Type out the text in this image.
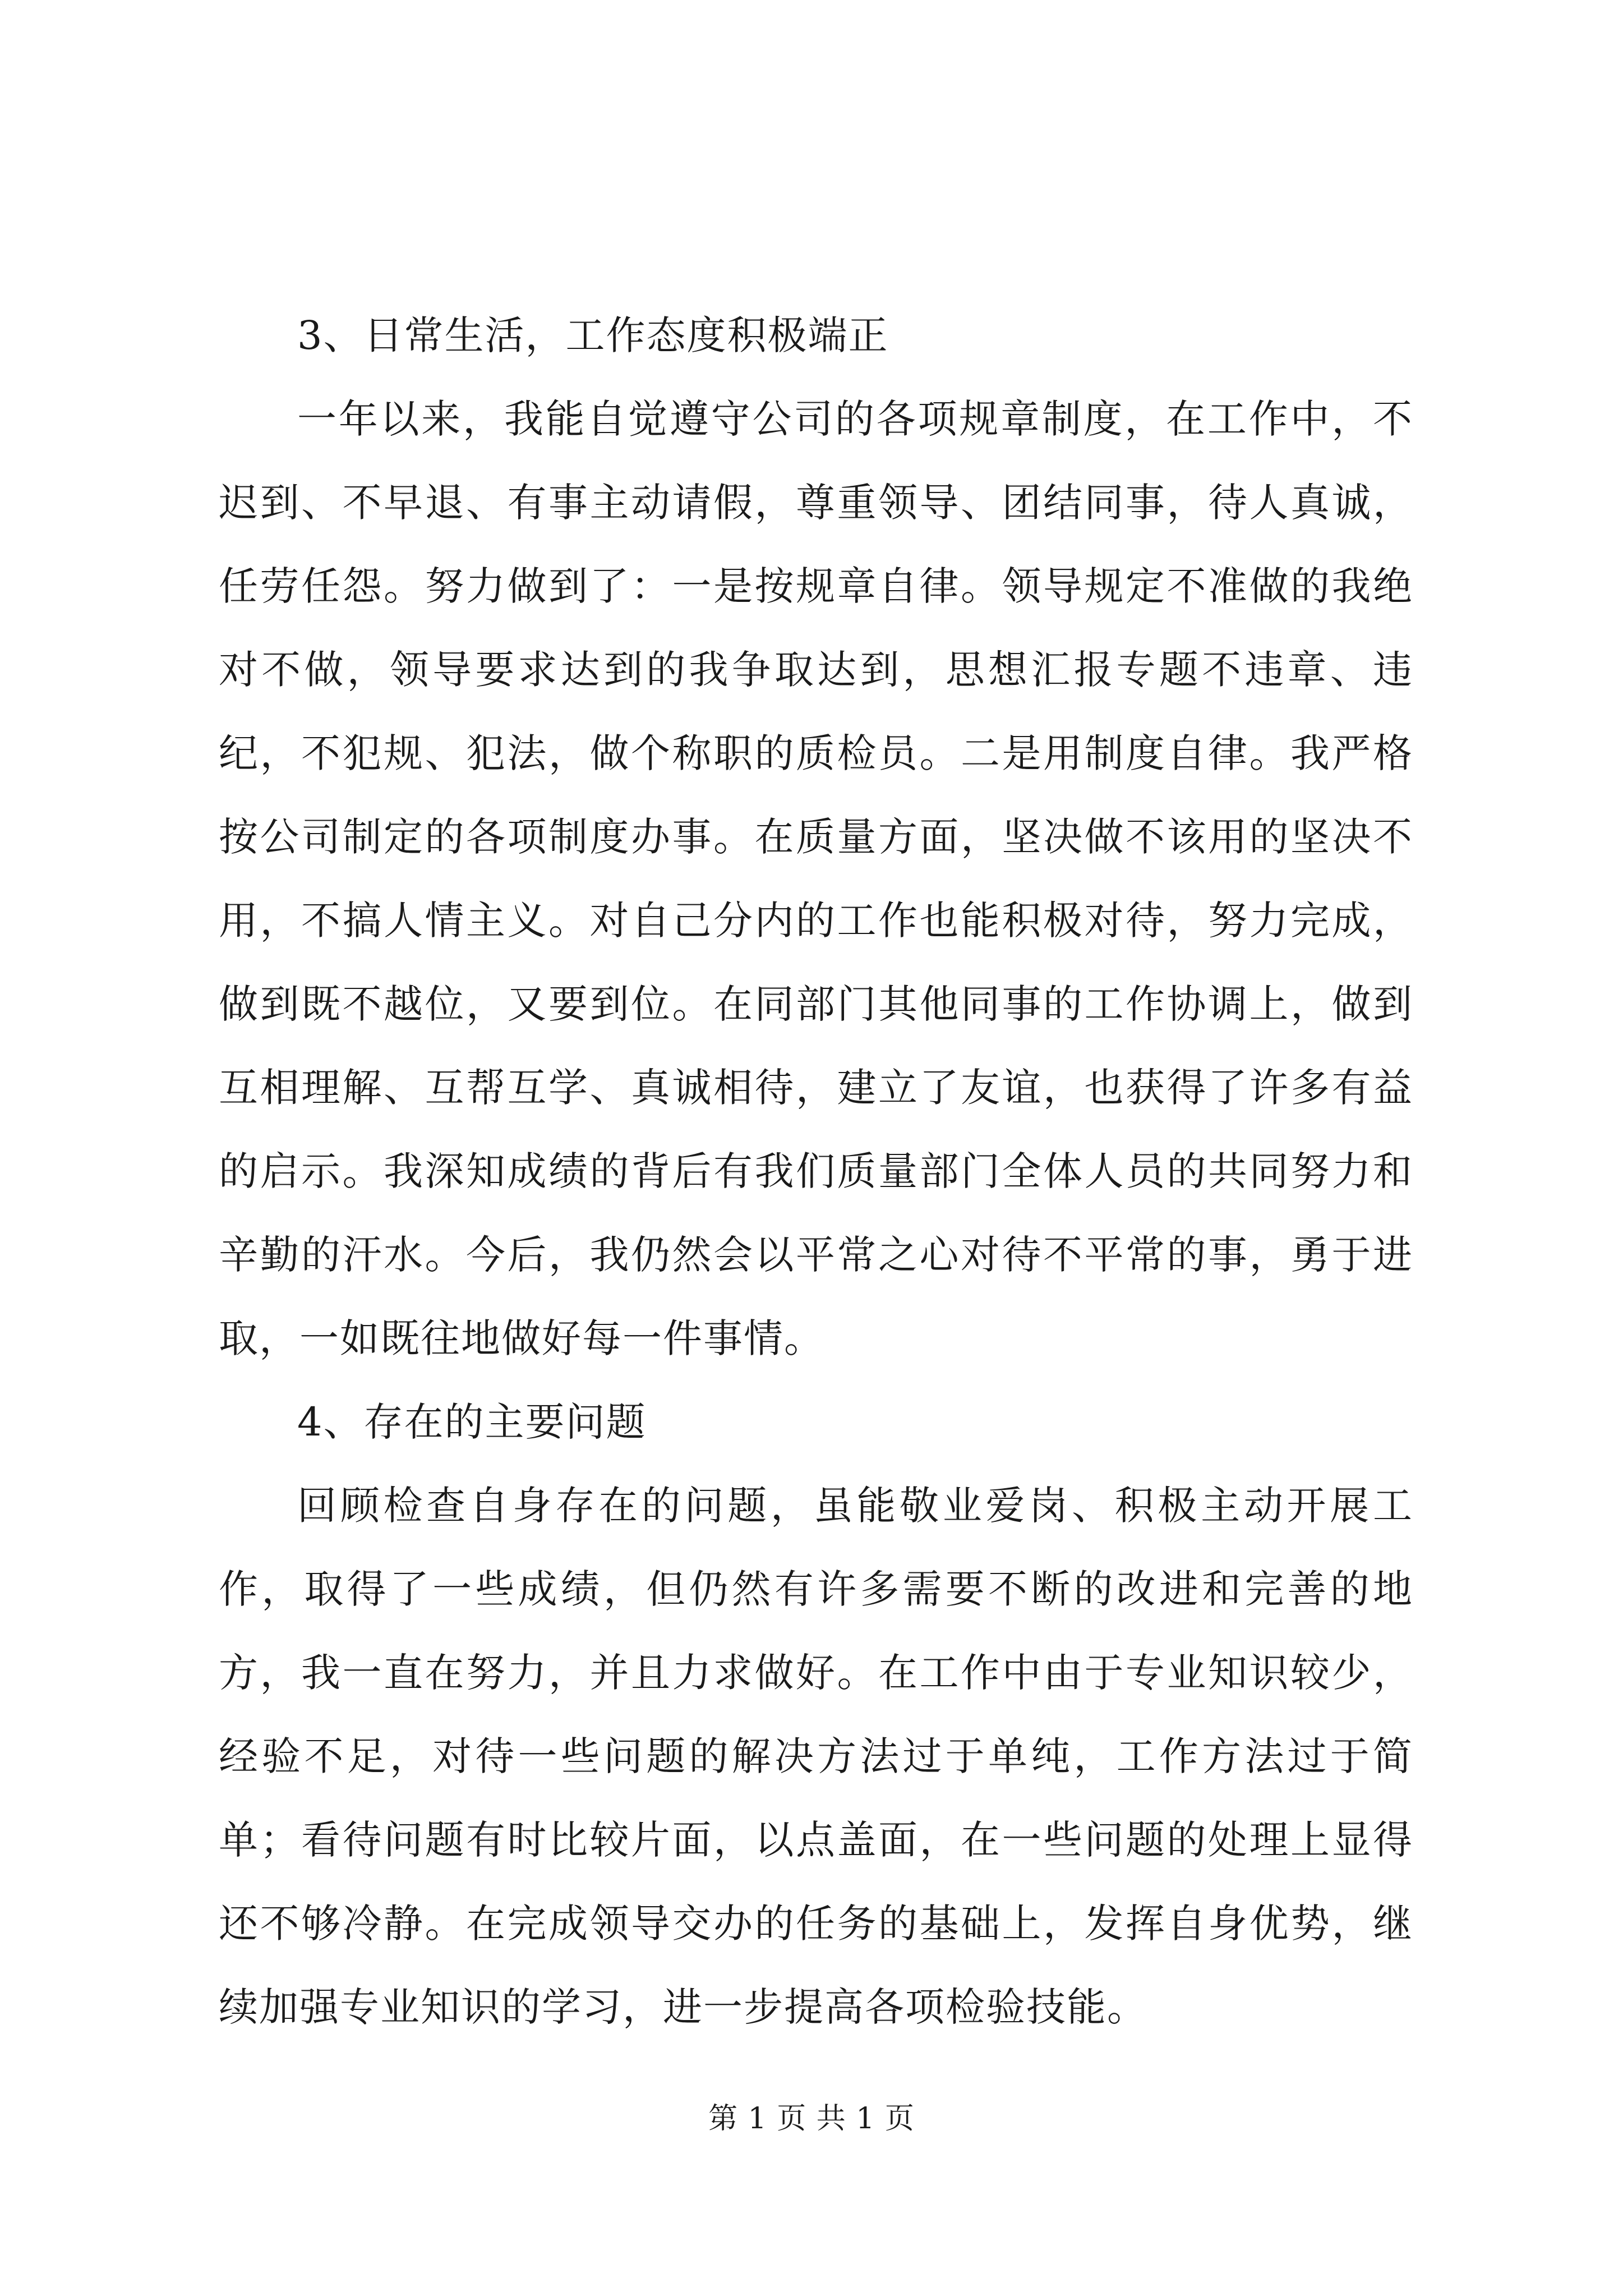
3、日常生活，工作态度积极端正

一年以来，我能自觉遵守公司的各项规章制度，在工作中，不迟到、不早退、有事主动请假，尊重领导、团结同事，待人真诚，任劳任怨。努力做到了：一是按规章自律。领导规定不准做的我绝对不做，领导要求达到的我争取达到，思想汇报专题不违章、违纪，不犯规、犯法，做个称职的质检员。二是用制度自律。我严格按公司制定的各项制度办事。在质量方面，坚决做不该用的坚决不用，不搞人情主义。对自己分内的工作也能积极对待，努力完成，做到既不越位，又要到位。在同部门其他同事的工作协调上，做到互相理解、互帮互学、真诚相待，建立了友谊，也获得了许多有益的启示。我深知成绩的背后有我们质量部门全体人员的共同努力和辛勤的汗水。今后，我仍然会以平常之心对待不平常的事，勇于进取，一如既往地做好每一件事情。

4、存在的主要问题

回顾检查自身存在的问题，虽能敬业爱岗、积极主动开展工作，取得了一些成绩，但仍然有许多需要不断的改进和完善的地方，我一直在努力，并且力求做好。在工作中由于专业知识较少，经验不足，对待一些问题的解决方法过于单纯，工作方法过于简单；看待问题有时比较片面，以点盖面，在一些问题的处理上显得还不够冷静。在完成领导交办的任务的基础上，发挥自身优势，继续加强专业知识的学习，进一步提高各项检验技能。

第 1 页 共 1 页
